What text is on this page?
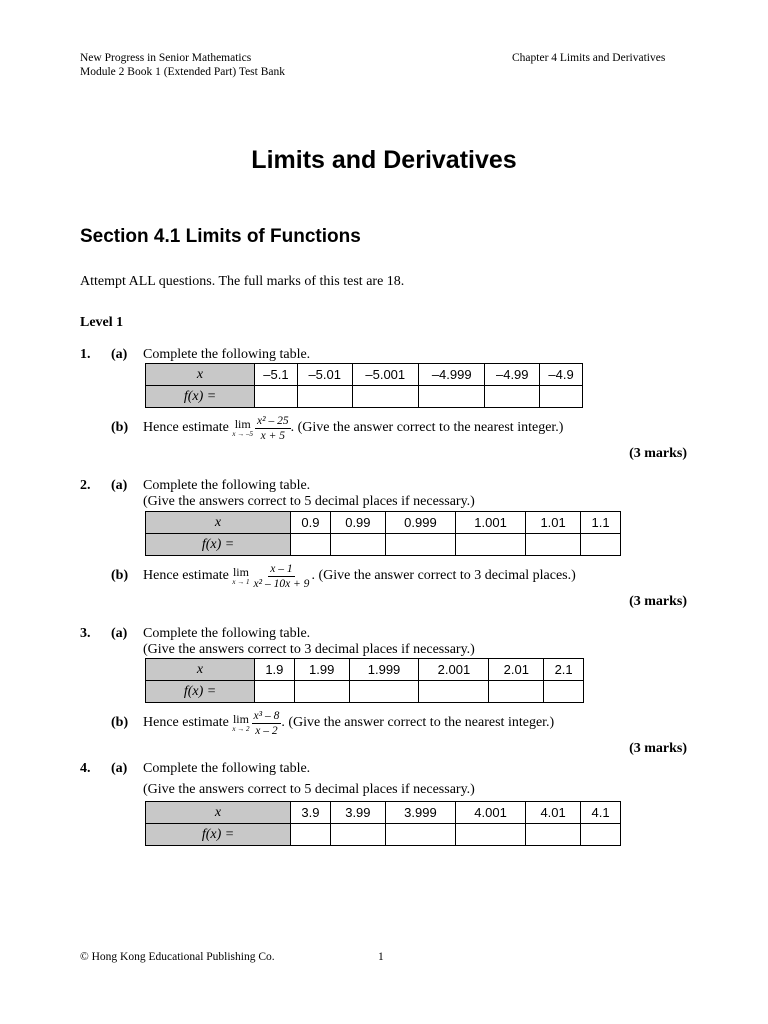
New Progress in Senior Mathematics
Module 2 Book 1 (Extended Part) Test Bank
Chapter 4 Limits and Derivatives
Limits and Derivatives
Section 4.1 Limits of Functions
Attempt ALL questions. The full marks of this test are 18.
Level 1
1. (a) Complete the following table.
x	–5.1	–5.01	–5.001	–4.999	–4.99	–4.9
f(x) =						
(b) Hence estimate
lim
$x \to -5 \frac{\text{x² – 25}}{x + 5}$ . (Give the answer correct to the nearest integer.)
(3 marks)
2. (a) Complete the following table.
(Give the answers correct to 5 decimal places if necessary.)
x	0.9	0.99	0.999	1.001	1.01	1.1
f(x) =						
(b) Hence estimate
lim
$x \to 1 \frac{x - 1}{\text{x² – 10x + 9}}$ . (Give the answer correct to 3 decimal places.)
(3 marks)
3. (a) Complete the following table.
(Give the answers correct to 3 decimal places if necessary.)
x	1.9	1.99	1.999	2.001	2.01	2.1
f(x) =						
(b) Hence estimate
lim
$x \to 2 \frac{\text{x³ – 8}}{x - 2}$ . (Give the answer correct to the nearest integer.)
(3 marks)
4. (a) Complete the following table.
(Give the answers correct to 5 decimal places if necessary.)
x	3.9	3.99	3.999	4.001	4.01	4.1
f(x) =						
© Hong Kong Educational Publishing Co.	1
